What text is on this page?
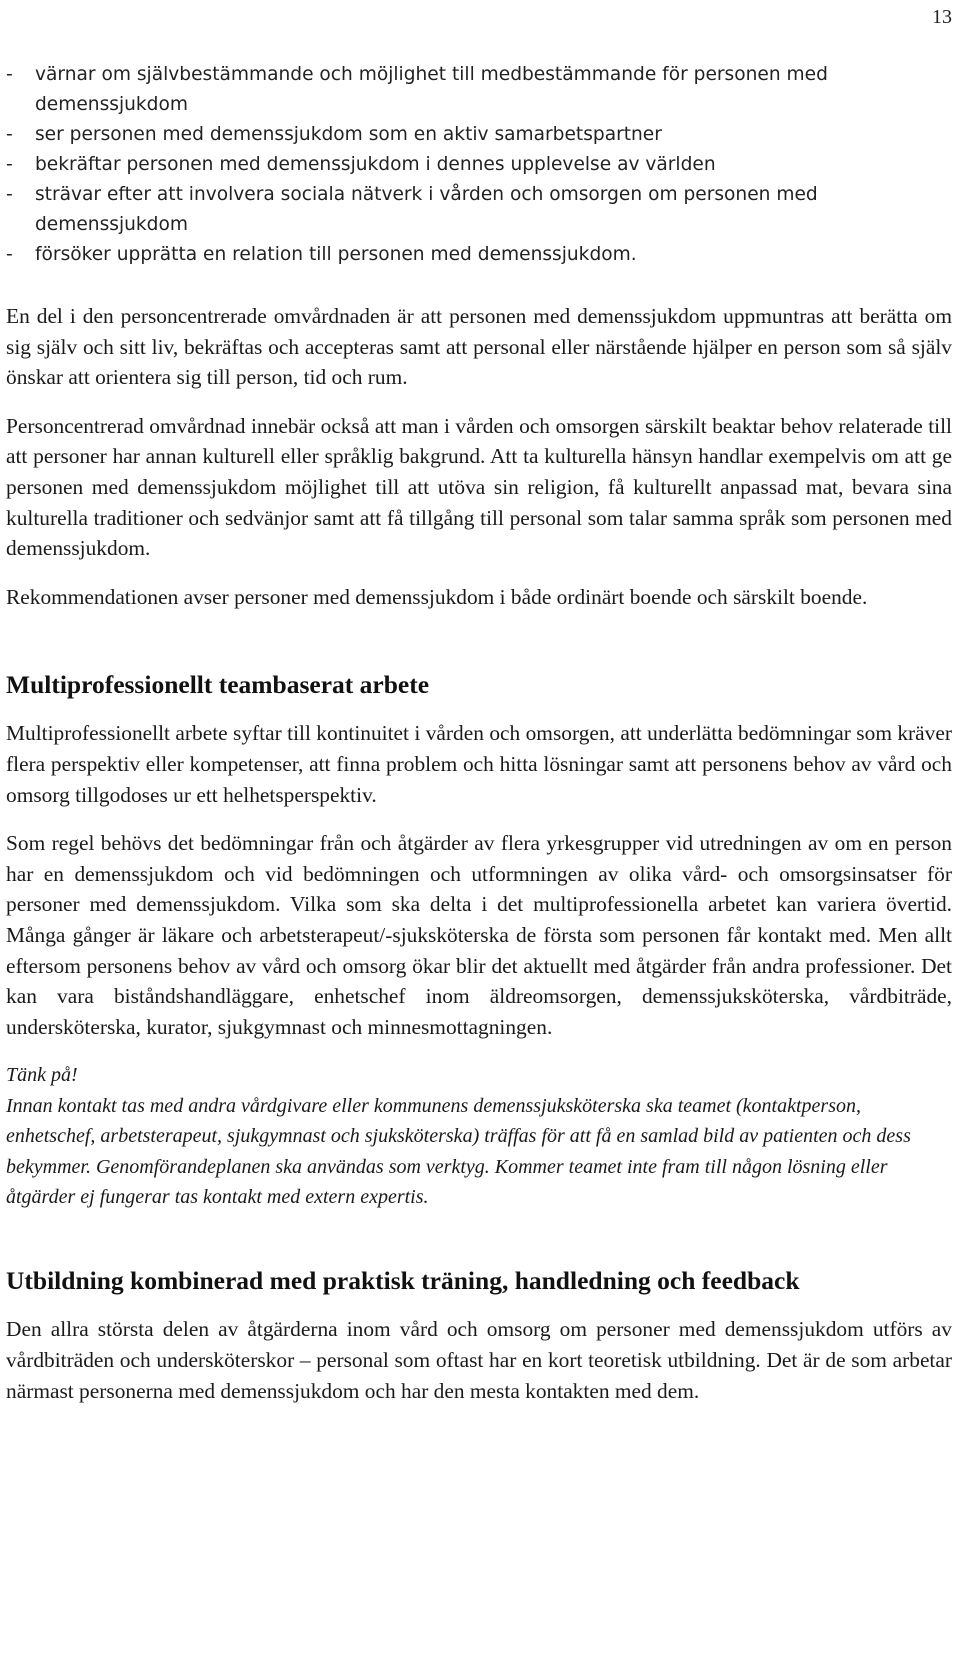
13
- värnar om självbestämmande och möjlighet till medbestämmande för personen med demenssjukdom
- ser personen med demenssjukdom som en aktiv samarbetspartner
- bekräftar personen med demenssjukdom i dennes upplevelse av världen
- strävar efter att involvera sociala nätverk i vården och omsorgen om personen med demenssjukdom
- försöker upprätta en relation till personen med demenssjukdom.

En del i den personcentrerade omvårdnaden är att personen med demenssjukdom uppmuntras att berätta om sig själv och sitt liv, bekräftas och accepteras samt att personal eller närstående hjälper en person som så själv önskar att orientera sig till person, tid och rum.

Personcentrerad omvårdnad innebär också att man i vården och omsorgen särskilt beaktar behov relaterade till att personer har annan kulturell eller språklig bakgrund. Att ta kulturella hänsyn handlar exempelvis om att ge personen med demenssjukdom möjlighet till att utöva sin religion, få kulturellt anpassad mat, bevara sina kulturella traditioner och sedvänjor samt att få tillgång till personal som talar samma språk som personen med demenssjukdom.

Rekommendationen avser personer med demenssjukdom i både ordinärt boende och särskilt boende.

Multiprofessionellt teambaserat arbete

Multiprofessionellt arbete syftar till kontinuitet i vården och omsorgen, att underlätta bedömningar som kräver flera perspektiv eller kompetenser, att finna problem och hitta lösningar samt att personens behov av vård och omsorg tillgodoses ur ett helhetsperspektiv.

Som regel behövs det bedömningar från och åtgärder av flera yrkesgrupper vid utredningen av om en person har en demenssjukdom och vid bedömningen och utformningen av olika vård- och omsorgsinsatser för personer med demenssjukdom. Vilka som ska delta i det multiprofessionella arbetet kan variera övertid. Många gånger är läkare och arbetsterapeut/-sjuksköterska de första som personen får kontakt med. Men allt eftersom personens behov av vård och omsorg ökar blir det aktuellt med åtgärder från andra professioner. Det kan vara biståndshandläggare, enhetschef inom äldreomsorgen, demenssjuksköterska, vårdbiträde, undersköterska, kurator, sjukgymnast och minnesmottagningen.

Tänk på!

Innan kontakt tas med andra vårdgivare eller kommunens demenssjuksköterska ska teamet (kontaktperson, enhetschef, arbetsterapeut, sjukgymnast och sjuksköterska) träffas för att få en samlad bild av patienten och dess bekymmer. Genomförandeplanen ska användas som verktyg. Kommer teamet inte fram till någon lösning eller åtgärder ej fungerar tas kontakt med extern expertis.

Utbildning kombinerad med praktisk träning, handledning och feedback

Den allra största delen av åtgärderna inom vård och omsorg om personer med demenssjukdom utförs av vårdbiträden och undersköterskor – personal som oftast har en kort teoretisk utbildning. Det är de som arbetar närmast personerna med demenssjukdom och har den mesta kontakten med dem.
